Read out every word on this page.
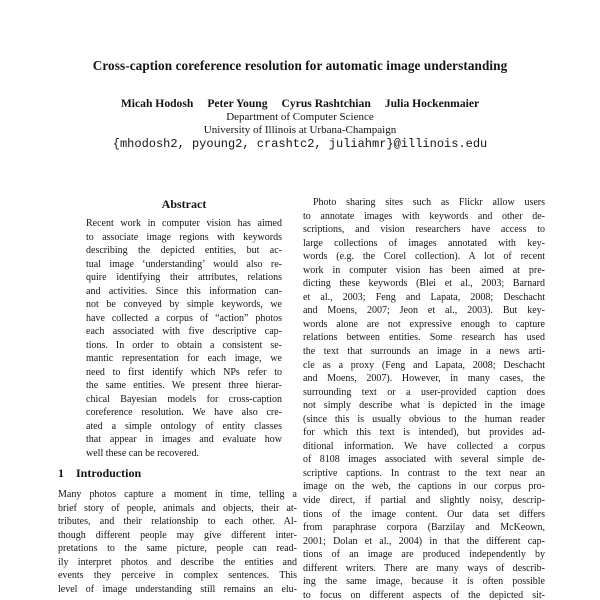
Cross-caption coreference resolution for automatic image understanding
Micah Hodosh Peter Young Cyrus Rashtchian Julia Hockenmaier
Department of Computer Science
University of Illinois at Urbana-Champaign
{mhodosh2, pyoung2, crashtc2, juliahmr}@illinois.edu
Abstract
Recent work in computer vision has aimed
to associate image regions with keywords
describing the depicted entities, but ac-
tual image ‘understanding’ would also re-
quire identifying their attributes, relations
and activities. Since this information can-
not be conveyed by simple keywords, we
have collected a corpus of “action” photos
each associated with five descriptive cap-
tions. In order to obtain a consistent se-
mantic representation for each image, we
need to first identify which NPs refer to
the same entities. We present three hierar-
chical Bayesian models for cross-caption
coreference resolution. We have also cre-
ated a simple ontology of entity classes
that appear in images and evaluate how
well these can be recovered.
1 Introduction
Many photos capture a moment in time, telling a
brief story of people, animals and objects, their at-
tributes, and their relationship to each other. Al-
though different people may give different inter-
pretations to the same picture, people can read-
ily interpret photos and describe the entities and
events they perceive in complex sentences. This
level of image understanding still remains an elu-
Photo sharing sites such as Flickr allow users
to annotate images with keywords and other de-
scriptions, and vision researchers have access to
large collections of images annotated with key-
words (e.g. the Corel collection). A lot of recent
work in computer vision has been aimed at pre-
dicting these keywords (Blei et al., 2003; Barnard
et al., 2003; Feng and Lapata, 2008; Deschacht
and Moens, 2007; Jeon et al., 2003). But key-
words alone are not expressive enough to capture
relations between entities. Some research has used
the text that surrounds an image in a news arti-
cle as a proxy (Feng and Lapata, 2008; Deschacht
and Moens, 2007). However, in many cases, the
surrounding text or a user-provided caption does
not simply describe what is depicted in the image
(since this is usually obvious to the human reader
for which this text is intended), but provides ad-
ditional information. We have collected a corpus
of 8108 images associated with several simple de-
scriptive captions. In contrast to the text near an
image on the web, the captions in our corpus pro-
vide direct, if partial and slightly noisy, descrip-
tions of the image content. Our data set differs
from paraphrase corpora (Barzilay and McKeown,
2001; Dolan et al., 2004) in that the different cap-
tions of an image are produced independently by
different writers. There are many ways of describ-
ing the same image, because it is often possible
to focus on different aspects of the depicted sit-
